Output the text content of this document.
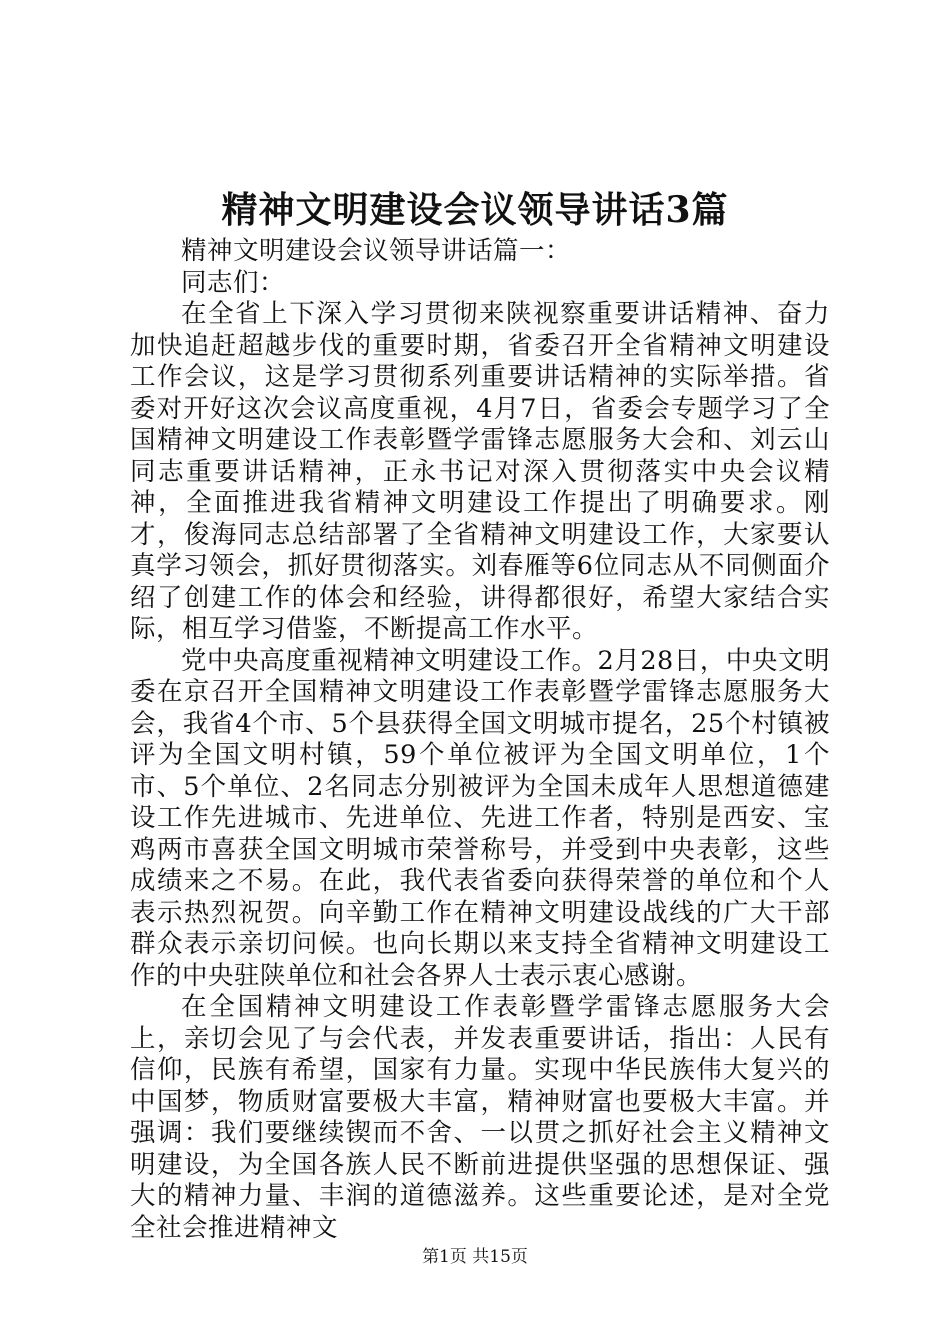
精神文明建设会议领导讲话3篇

精神文明建设会议领导讲话篇一：

同志们：

在全省上下深入学习贯彻来陕视察重要讲话精神、奋力加快追赶超越步伐的重要时期，省委召开全省精神文明建设工作会议，这是学习贯彻系列重要讲话精神的实际举措。省委对开好这次会议高度重视，4月7日，省委会专题学习了全国精神文明建设工作表彰暨学雷锋志愿服务大会和、刘云山同志重要讲话精神，正永书记对深入贯彻落实中央会议精神，全面推进我省精神文明建设工作提出了明确要求。刚才，俊海同志总结部署了全省精神文明建设工作，大家要认真学习领会，抓好贯彻落实。刘春雁等6位同志从不同侧面介绍了创建工作的体会和经验，讲得都很好，希望大家结合实际，相互学习借鉴，不断提高工作水平。

党中央高度重视精神文明建设工作。2月28日，中央文明委在京召开全国精神文明建设工作表彰暨学雷锋志愿服务大会，我省4个市、5个县获得全国文明城市提名，25个村镇被评为全国文明村镇，59个单位被评为全国文明单位，1个市、5个单位、2名同志分别被评为全国未成年人思想道德建设工作先进城市、先进单位、先进工作者，特别是西安、宝鸡两市喜获全国文明城市荣誉称号，并受到中央表彰，这些成绩来之不易。在此，我代表省委向获得荣誉的单位和个人表示热烈祝贺。向辛勤工作在精神文明建设战线的广大干部群众表示亲切问候。也向长期以来支持全省精神文明建设工作的中央驻陕单位和社会各界人士表示衷心感谢。

在全国精神文明建设工作表彰暨学雷锋志愿服务大会上，亲切会见了与会代表，并发表重要讲话，指出：人民有信仰，民族有希望，国家有力量。实现中华民族伟大复兴的中国梦，物质财富要极大丰富，精神财富也要极大丰富。并强调：我们要继续锲而不舍、一以贯之抓好社会主义精神文明建设，为全国各族人民不断前进提供坚强的思想保证、强大的精神力量、丰润的道德滋养。这些重要论述，是对全党全社会推进精神文

第1页 共15页
